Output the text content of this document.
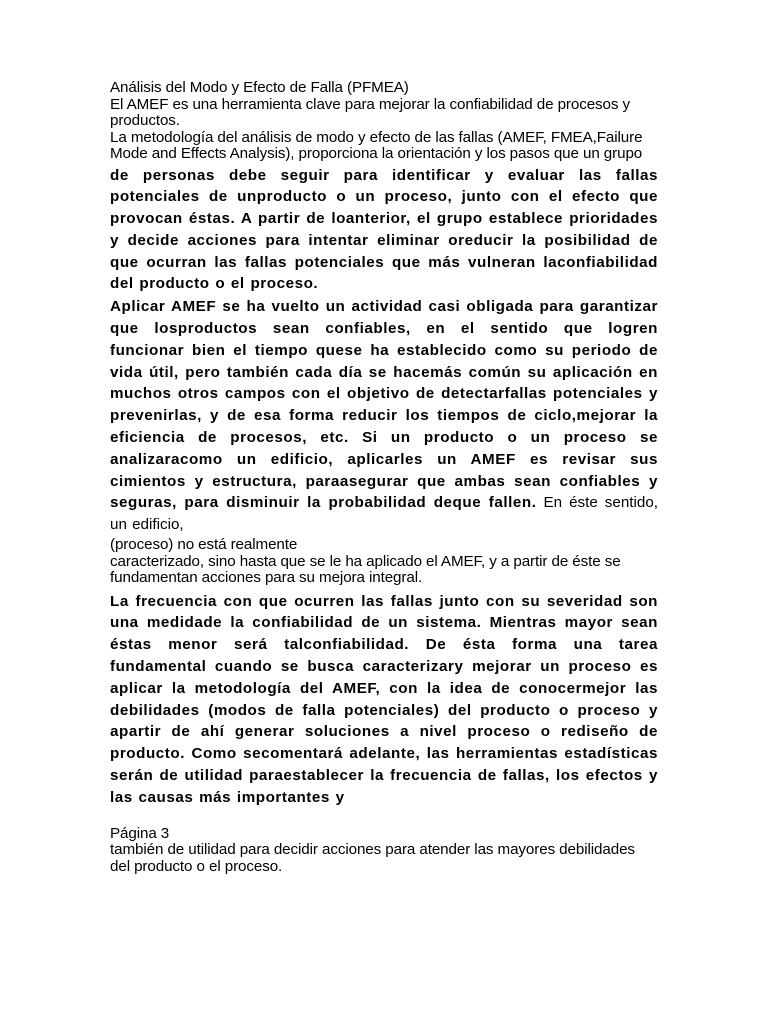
Análisis del Modo y Efecto de Falla (PFMEA)

El AMEF es una herramienta clave para mejorar la confiabilidad de procesos y productos.

La metodología del análisis de modo y efecto de las fallas (AMEF, FMEA,Failure

Mode and Effects Analysis), proporciona la orientación y los pasos que un grupo

de personas debe seguir para identificar y evaluar las fallas potenciales de unproducto o un proceso, junto con el efecto que provocan éstas. A partir de loanterior, el grupo establece prioridades y decide acciones para intentar eliminar oreducir la posibilidad de que ocurran las fallas potenciales que más vulneran laconfiabilidad del producto o el proceso.

Aplicar AMEF se ha vuelto un actividad casi obligada para garantizar que losproductos sean confiables, en el sentido que logren funcionar bien el tiempo quese ha establecido como su periodo de vida útil, pero también cada día se hacemás común su aplicación en muchos otros campos con el objetivo de detectarfallas potenciales y prevenirlas, y de esa forma reducir los tiempos de ciclo,mejorar la eficiencia de procesos, etc. Si un producto o un proceso se analizaracomo un edificio, aplicarles un AMEF es revisar sus cimientos y estructura, paraasegurar que ambas sean confiables y seguras, para disminuir la probabilidad deque fallen. En éste sentido, un edificio,

(proceso) no está realmente

caracterizado, sino hasta que se le ha aplicado el AMEF, y a partir de éste se fundamentan acciones para su mejora integral.

La frecuencia con que ocurren las fallas junto con su severidad son una medidade la confiabilidad de un sistema. Mientras mayor sean éstas menor será talconfiabilidad. De ésta forma una tarea fundamental cuando se busca caracterizary mejorar un proceso es aplicar la metodología del AMEF, con la idea de conocermejor las debilidades (modos de falla potenciales) del producto o proceso y apartir de ahí generar soluciones a nivel proceso o rediseño de producto. Como secomentará adelante, las herramientas estadísticas serán de utilidad paraestablecer la frecuencia de fallas, los efectos y las causas más importantes y

Página 3

también de utilidad para decidir acciones para atender las mayores debilidades del producto o el proceso.
